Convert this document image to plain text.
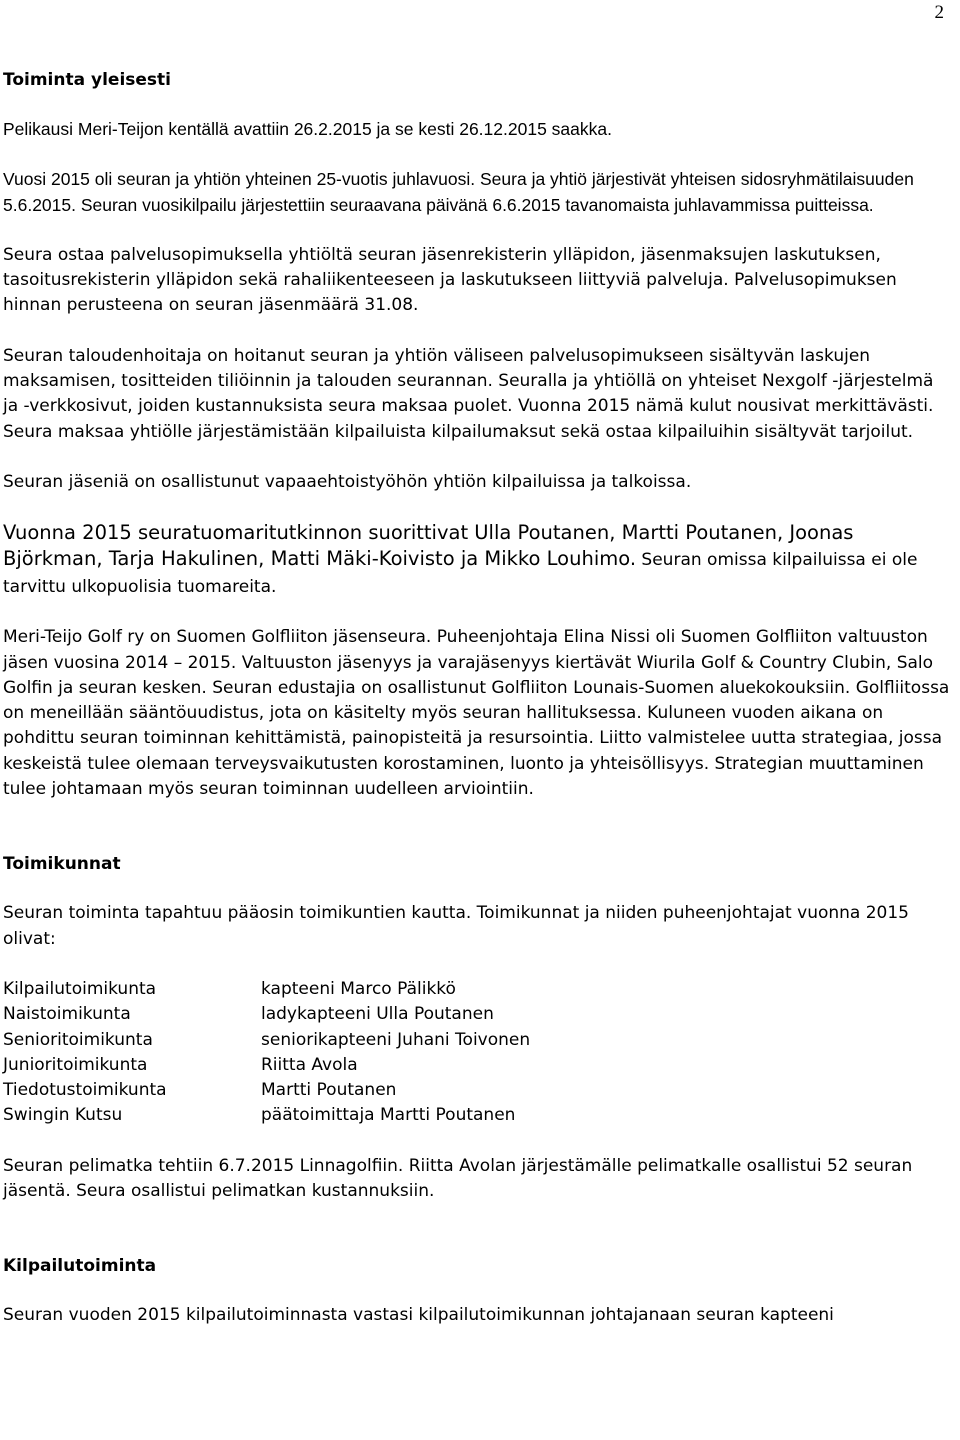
2
Toiminta yleisesti

Pelikausi Meri-Teijon kentällä avattiin 26.2.2015 ja se kesti 26.12.2015 saakka.

Vuosi 2015 oli seuran ja yhtiön yhteinen 25-vuotis juhlavuosi. Seura ja yhtiö järjestivät yhteisen sidosryhmätilaisuuden 5.6.2015. Seuran vuosikilpailu järjestettiin seuraavana päivänä 6.6.2015 tavanomaista juhlavammissa puitteissa.

Seura ostaa palvelusopimuksella yhtiöltä seuran jäsenrekisterin ylläpidon, jäsenmaksujen laskutuksen, tasoitusrekisterin ylläpidon sekä rahaliikenteeseen ja laskutukseen liittyviä palveluja. Palvelusopimuksen hinnan perusteena on seuran jäsenmäärä 31.08.

Seuran taloudenhoitaja on hoitanut seuran ja yhtiön väliseen palvelusopimukseen sisältyvän laskujen maksamisen, tositteiden tiliöinnin ja talouden seurannan. Seuralla ja yhtiöllä on yhteiset Nexgolf -järjestelmä ja -verkkosivut, joiden kustannuksista seura maksaa puolet. Vuonna 2015 nämä kulut nousivat merkittävästi. Seura maksaa yhtiölle järjestämistään kilpailuista kilpailumaksut sekä ostaa kilpailuihin sisältyvät tarjoilut.

Seuran jäseniä on osallistunut vapaaehtoistyöhön yhtiön kilpailuissa ja talkoissa.

Vuonna 2015 seuratuomaritutkinnon suorittivat Ulla Poutanen, Martti Poutanen, Joonas Björkman, Tarja Hakulinen, Matti Mäki-Koivisto ja Mikko Louhimo. Seuran omissa kilpailuissa ei ole tarvittu ulkopuolisia tuomareita.

Meri-Teijo Golf ry on Suomen Golfliiton jäsenseura. Puheenjohtaja Elina Nissi oli Suomen Golfliiton valtuuston jäsen vuosina 2014 – 2015. Valtuuston jäsenyys ja varajäsenyys kiertävät Wiurila Golf & Country Clubin, Salo Golfin ja seuran kesken. Seuran edustajia on osallistunut Golfliiton Lounais-Suomen aluekokouksiin. Golfliitossa on meneillään sääntöuudistus, jota on käsitelty myös seuran hallituksessa. Kuluneen vuoden aikana on pohdittu seuran toiminnan kehittämistä, painopisteitä ja resursointia. Liitto valmistelee uutta strategiaa, jossa keskeistä tulee olemaan terveysvaikutusten korostaminen, luonto ja yhteisöllisyys. Strategian muuttaminen tulee johtamaan myös seuran toiminnan uudelleen arviointiin.

Toimikunnat

Seuran toiminta tapahtuu pääosin toimikuntien kautta. Toimikunnat ja niiden puheenjohtajat vuonna 2015 olivat:

Kilpailutoimikunta	kapteeni Marco Pälikkö
Naistoimikunta	ladykapteeni Ulla Poutanen
Senioritoimikunta	seniorikapteeni Juhani Toivonen
Junioritoimikunta	Riitta Avola
Tiedotustoimikunta	Martti Poutanen
Swingin Kutsu	päätoimittaja Martti Poutanen

Seuran pelimatka tehtiin 6.7.2015 Linnagolfiin. Riitta Avolan järjestämälle pelimatkalle osallistui 52 seuran jäsentä. Seura osallistui pelimatkan kustannuksiin.

Kilpailutoiminta

Seuran vuoden 2015 kilpailutoiminnasta vastasi kilpailutoimikunnan johtajanaan seuran kapteeni
